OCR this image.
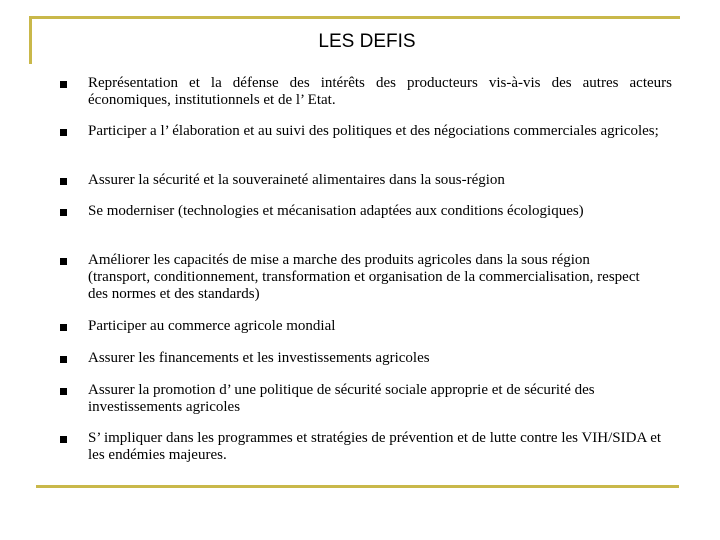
LES DEFIS
Représentation et la défense des intérêts des producteurs vis-à-vis des autres acteurs économiques, institutionnels et de l’ Etat.
Participer a l’ élaboration et au suivi des politiques et des négociations commerciales agricoles;
Assurer la sécurité et la souveraineté alimentaires dans la sous-région
Se moderniser (technologies et mécanisation adaptées aux conditions écologiques)
Améliorer les capacités de mise a marche des produits agricoles dans la sous région (transport, conditionnement, transformation et organisation de la commercialisation, respect des normes et des standards)
Participer au commerce agricole mondial
Assurer les financements et les investissements agricoles
Assurer la promotion d’ une politique de sécurité sociale approprie et de sécurité des investissements agricoles
S’ impliquer dans les programmes et stratégies de prévention et de lutte contre les VIH/SIDA et les endémies majeures.
